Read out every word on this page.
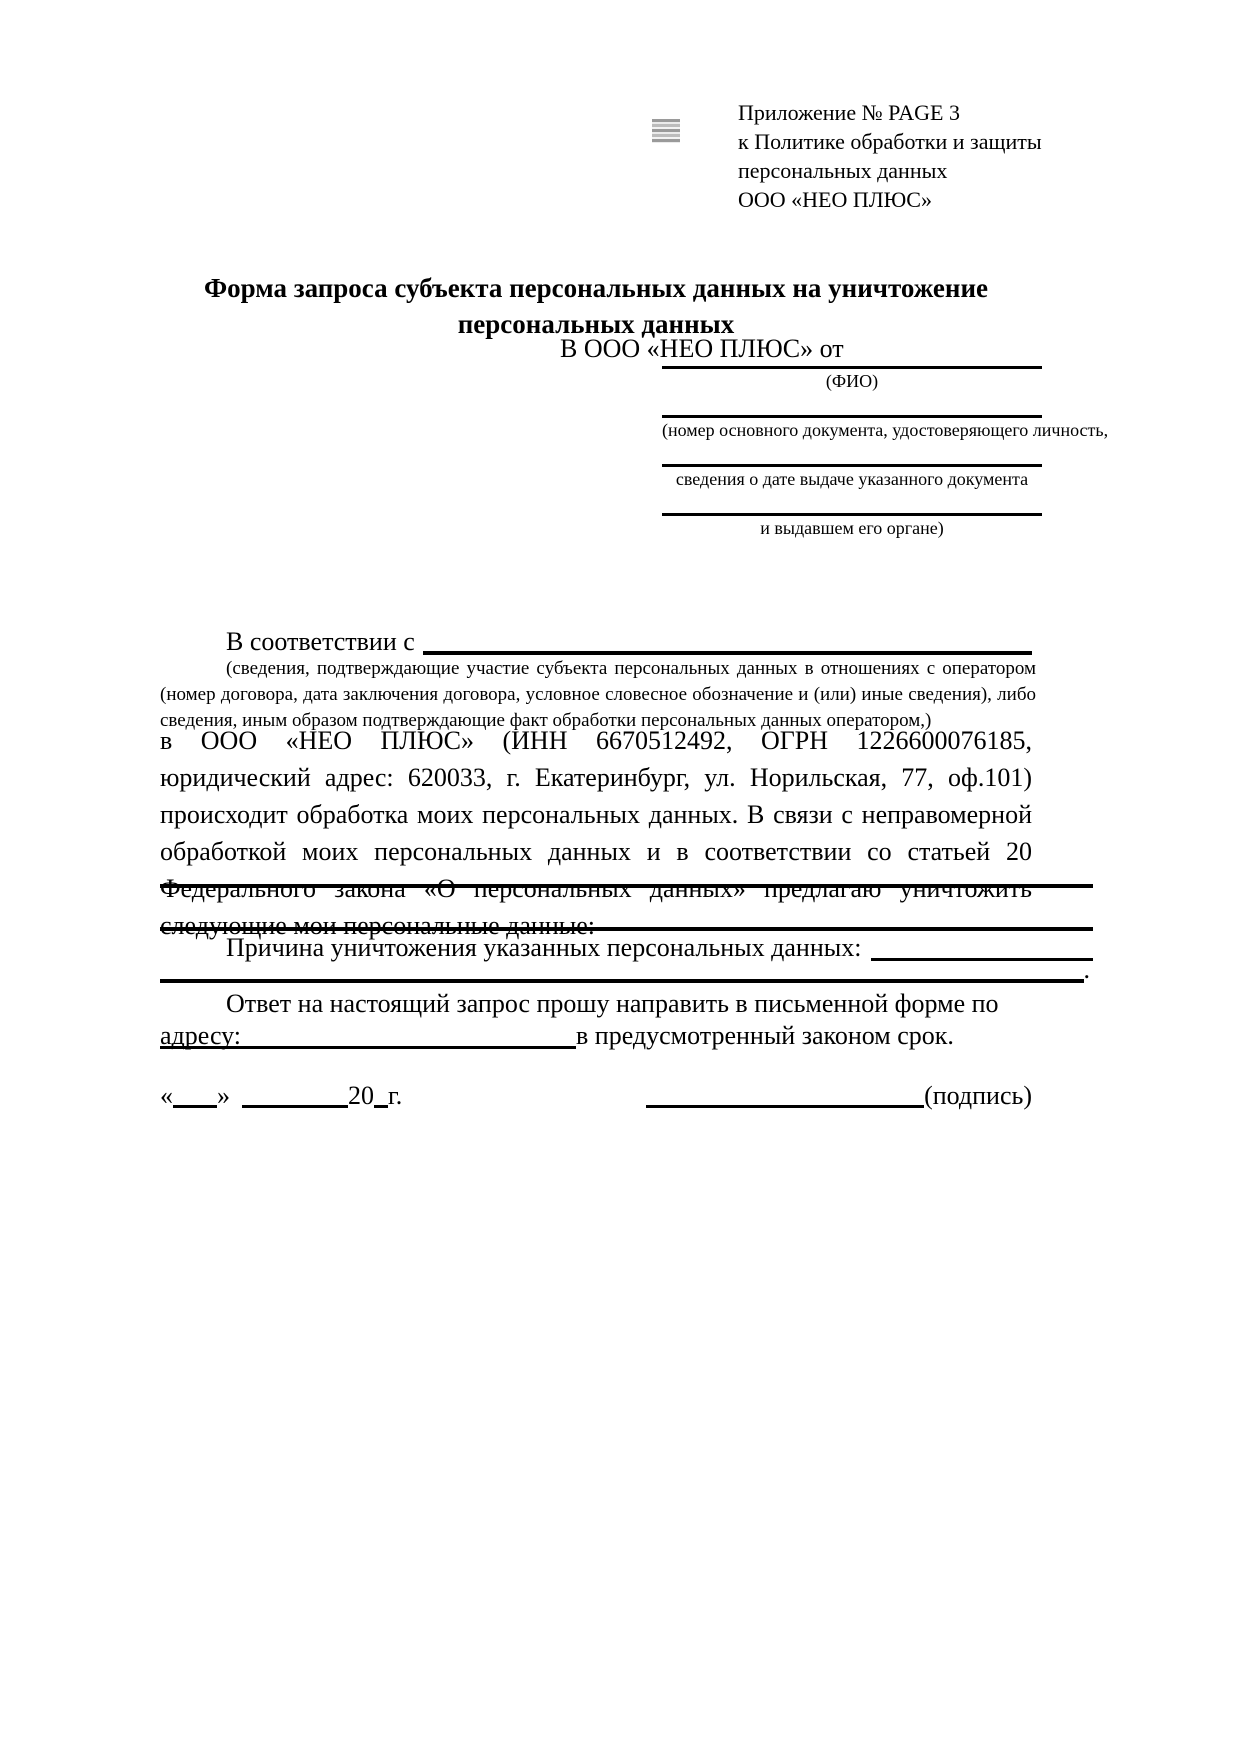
Приложение № PAGE 3
к Политике обработки и защиты
персональных данных
ООО «НЕО ПЛЮС»
Форма запроса субъекта персональных данных на уничтожение
персональных данных
В ООО «НЕО ПЛЮС» от
(ФИО)
(номер основного документа, удостоверяющего личность,
сведения о дате выдаче указанного документа
и выдавшем его органе)
В соответствии с
(сведения, подтверждающие участие субъекта персональных данных в отношениях с оператором (номер договора, дата заключения договора, условное словесное обозначение и (или) иные сведения), либо сведения, иным образом подтверждающие факт обработки персональных данных оператором,)
в ООО «НЕО ПЛЮС» (ИНН 6670512492, ОГРН 1226600076185, юридический адрес: 620033, г. Екатеринбург, ул. Норильская, 77, оф.101) происходит обработка моих персональных данных. В связи с неправомерной обработкой моих персональных данных и в соответствии со статьей 20 Федерального закона «О персональных данных» предлагаю уничтожить следующие мои персональные данные:
Причина уничтожения указанных персональных данных:
.
Ответ на настоящий запрос прошу направить в письменной форме по адресу:	в предусмотренный законом срок.
« »	20 г.	(подпись)
